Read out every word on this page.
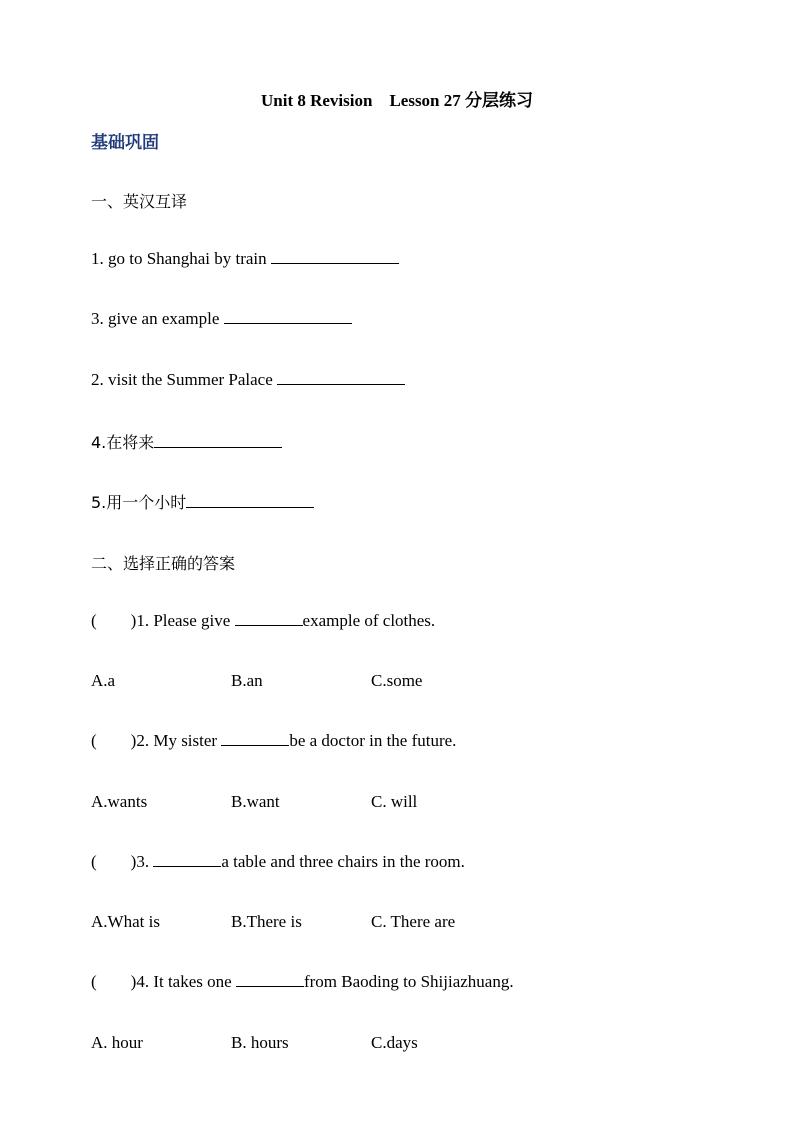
Unit 8 Revision    Lesson 27 分层练习
基础巩固
一、英汉互译
1. go to Shanghai by train
3. give an example
2. visit the Summer Palace
4.在将来
5.用一个小时
二、选择正确的答案
(        )1. Please give	example of clothes.
A.a	B.an	C.some
(        )2. My sister	be a doctor in the future.
A.wants	B.want	C. will
(        )3.	a table and three chairs in the room.
A.What is	B.There is	C. There are
(        )4. It takes one	from Baoding to Shijiazhuang.
A. hour	B. hours	C.days
